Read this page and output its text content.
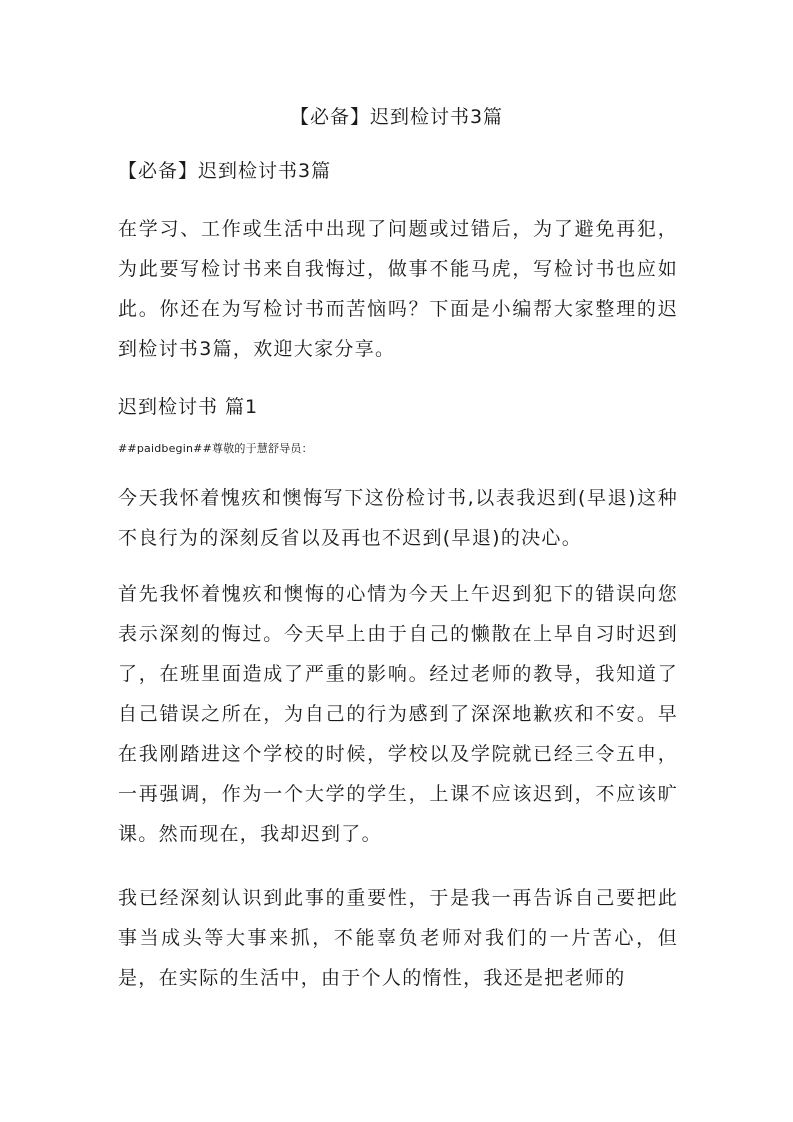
【必备】迟到检讨书3篇
【必备】迟到检讨书3篇

在学习、工作或生活中出现了问题或过错后，为了避免再犯，为此要写检讨书来自我悔过，做事不能马虎，写检讨书也应如此。你还在为写检讨书而苦恼吗？下面是小编帮大家整理的迟到检讨书3篇，欢迎大家分享。

迟到检讨书 篇1
##paidbegin##尊敬的于慧舒导员：

今天我怀着愧疚和懊悔写下这份检讨书,以表我迟到(早退)这种不良行为的深刻反省以及再也不迟到(早退)的决心。

首先我怀着愧疚和懊悔的心情为今天上午迟到犯下的错误向您表示深刻的悔过。今天早上由于自己的懒散在上早自习时迟到了，在班里面造成了严重的影响。经过老师的教导，我知道了自己错误之所在，为自己的行为感到了深深地歉疚和不安。早在我刚踏进这个学校的时候，学校以及学院就已经三令五申，一再强调，作为一个大学的学生，上课不应该迟到，不应该旷课。然而现在，我却迟到了。

我已经深刻认识到此事的重要性，于是我一再告诉自己要把此事当成头等大事来抓，不能辜负老师对我们的一片苦心，但是，在实际的生活中，由于个人的惰性，我还是把老师的
